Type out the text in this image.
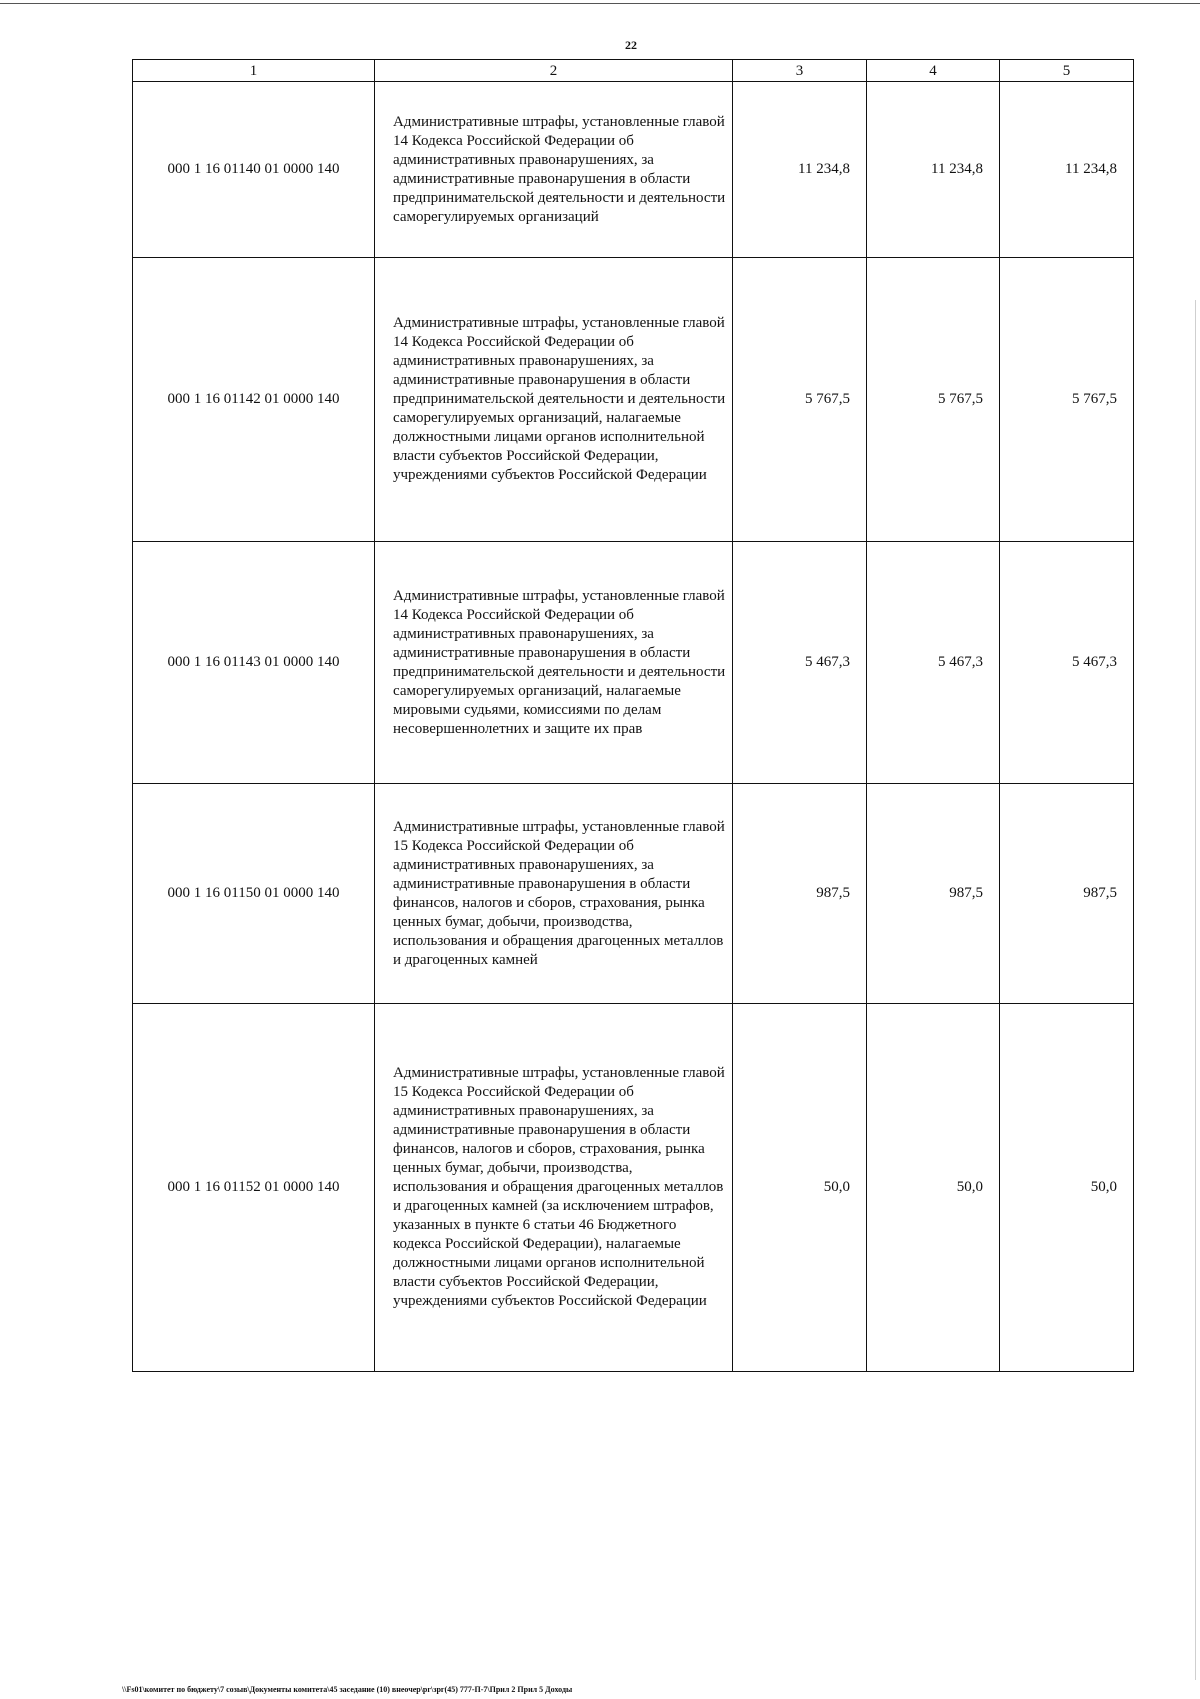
22
1	2	3	4	5
000 1 16 01140 01 0000 140	Административные штрафы, установленные главой 14 Кодекса Российской Федерации об административных правонарушениях, за административные правонарушения в области предпринимательской деятельности и деятельности саморегулируемых организаций	11 234,8	11 234,8	11 234,8
000 1 16 01142 01 0000 140	Административные штрафы, установленные главой 14 Кодекса Российской Федерации об административных правонарушениях, за административные правонарушения в области предпринимательской деятельности и деятельности саморегулируемых организаций, налагаемые должностными лицами органов исполнительной власти субъектов Российской Федерации, учреждениями субъектов Российской Федерации	5 767,5	5 767,5	5 767,5
000 1 16 01143 01 0000 140	Административные штрафы, установленные главой 14 Кодекса Российской Федерации об административных правонарушениях, за административные правонарушения в области предпринимательской деятельности и деятельности саморегулируемых организаций, налагаемые мировыми судьями, комиссиями по делам несовершеннолетних и защите их прав	5 467,3	5 467,3	5 467,3
000 1 16 01150 01 0000 140	Административные штрафы, установленные главой 15 Кодекса Российской Федерации об административных правонарушениях, за административные правонарушения в области финансов, налогов и сборов, страхования, рынка ценных бумаг, добычи, производства, использования и обращения драгоценных металлов и драгоценных камней	987,5	987,5	987,5
000 1 16 01152 01 0000 140	Административные штрафы, установленные главой 15 Кодекса Российской Федерации об административных правонарушениях, за административные правонарушения в области финансов, налогов и сборов, страхования, рынка ценных бумаг, добычи, производства, использования и обращения драгоценных металлов и драгоценных камней (за исключением штрафов, указанных в пункте 6 статьи 46 Бюджетного кодекса Российской Федерации), налагаемые должностными лицами органов исполнительной власти субъектов Российской Федерации, учреждениями субъектов Российской Федерации	50,0	50,0	50,0
\\Fs01\комитет по бюджету\7 созыв\Документы комитета\45 заседание (10) внеочер\рг\зрг(45) 777-П-7\Прил 2 Прил 5 Доходы
